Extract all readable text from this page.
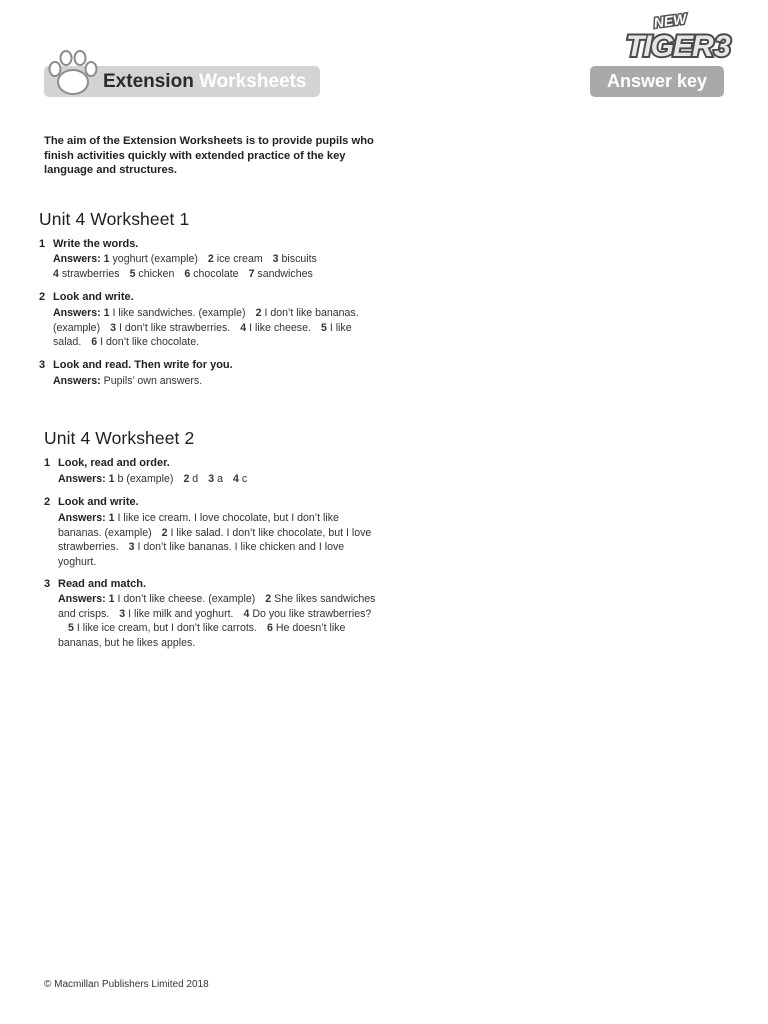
Extension Worksheets
NEW
TIGER 3
Answer key
The aim of the Extension Worksheets is to provide pupils who finish activities quickly with extended practice of the key language and structures.
Unit 4 Worksheet 1
1 Write the words.
Answers: 1 yoghurt (example) 2 ice cream 3 biscuits
4 strawberries 5 chicken 6 chocolate 7 sandwiches
2 Look and write.
Answers: 1 I like sandwiches. (example) 2 I don’t like bananas. (example) 3 I don’t like strawberries. 4 I like cheese. 5 I like salad. 6 I don’t like chocolate.
3 Look and read. Then write for you.
Answers: Pupils’ own answers.
Unit 4 Worksheet 2
1 Look, read and order.
Answers: 1 b (example) 2 d 3 a 4 c
2 Look and write.
Answers: 1 I like ice cream. I love chocolate, but I don’t like bananas. (example) 2 I like salad. I don’t like chocolate, but I love strawberries. 3 I don’t like bananas. I like chicken and I love yoghurt.
3 Read and match.
Answers: 1 I don’t like cheese. (example) 2 She likes sandwiches and crisps. 3 I like milk and yoghurt. 4 Do you like strawberries?5 I like ice cream, but I don’t like carrots. 6 He doesn’t like bananas, but he likes apples.
© Macmillan Publishers Limited 2018
